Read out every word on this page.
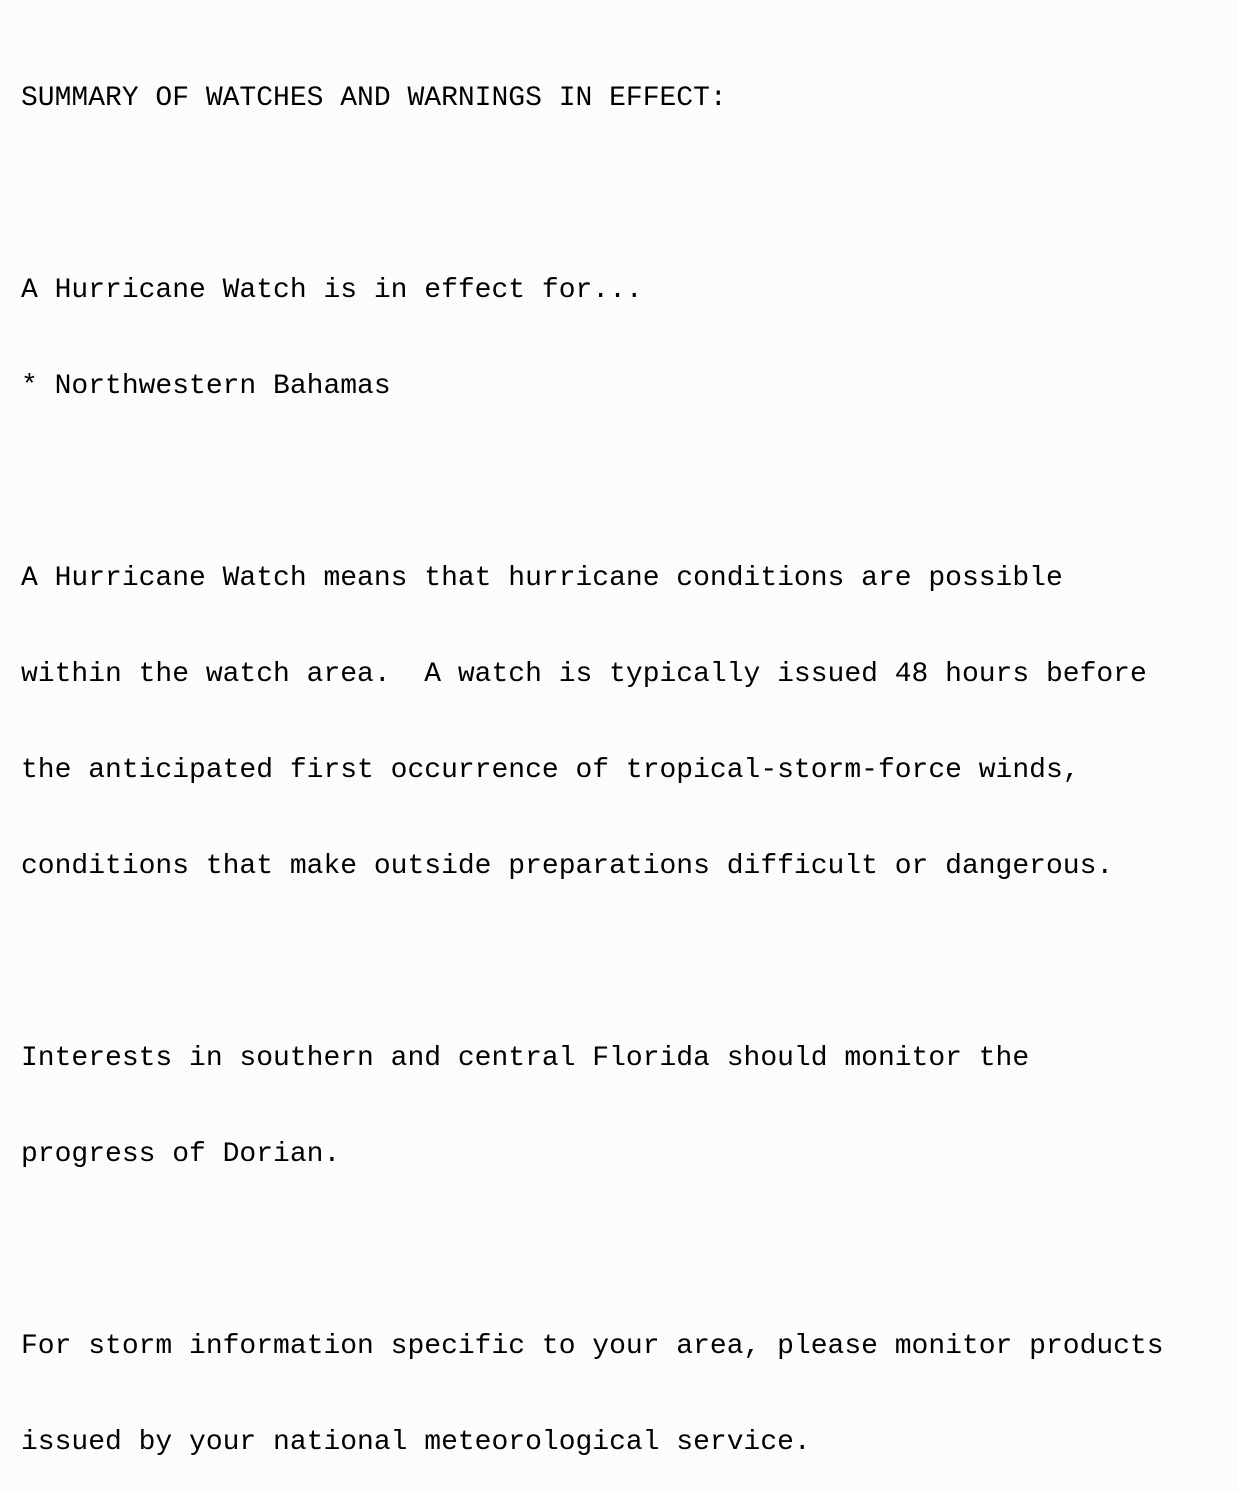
SUMMARY OF WATCHES AND WARNINGS IN EFFECT:

A Hurricane Watch is in effect for...

* Northwestern Bahamas

A Hurricane Watch means that hurricane conditions are possible

within the watch area.  A watch is typically issued 48 hours before

the anticipated first occurrence of tropical-storm-force winds,

conditions that make outside preparations difficult or dangerous.

Interests in southern and central Florida should monitor the

progress of Dorian.

For storm information specific to your area, please monitor products

issued by your national meteorological service.
